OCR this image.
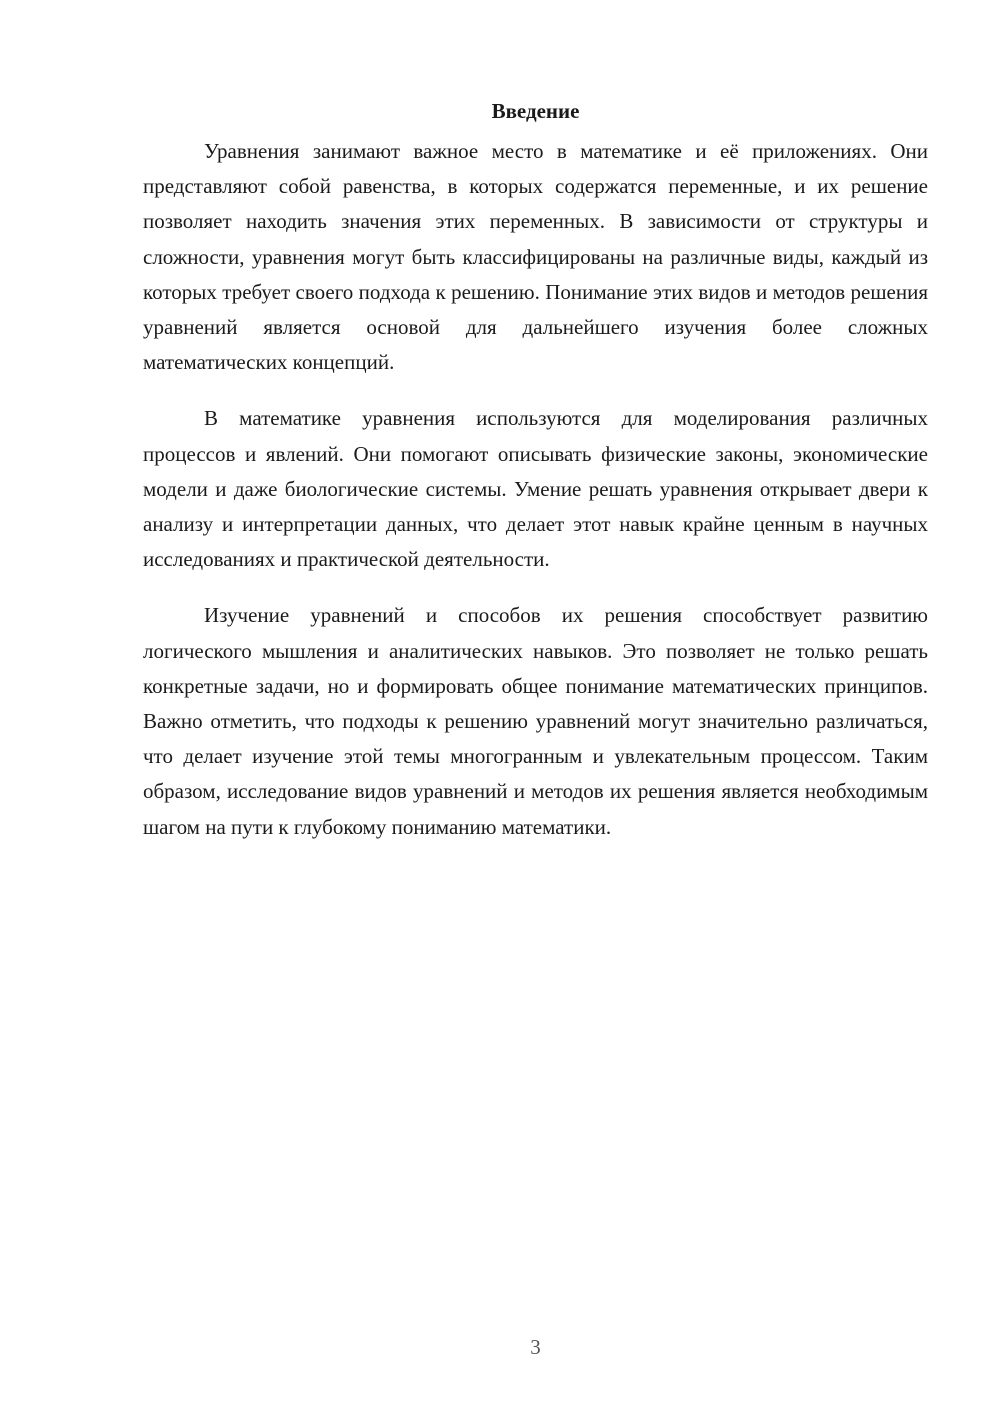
Введение

Уравнения занимают важное место в математике и её приложениях. Они представляют собой равенства, в которых содержатся переменные, и их решение позволяет находить значения этих переменных. В зависимости от структуры и сложности, уравнения могут быть классифицированы на различные виды, каждый из которых требует своего подхода к решению. Понимание этих видов и методов решения уравнений является основой для дальнейшего изучения более сложных математических концепций.

В математике уравнения используются для моделирования различных процессов и явлений. Они помогают описывать физические законы, экономические модели и даже биологические системы. Умение решать уравнения открывает двери к анализу и интерпретации данных, что делает этот навык крайне ценным в научных исследованиях и практической деятельности.

Изучение уравнений и способов их решения способствует развитию логического мышления и аналитических навыков. Это позволяет не только решать конкретные задачи, но и формировать общее понимание математических принципов. Важно отметить, что подходы к решению уравнений могут значительно различаться, что делает изучение этой темы многогранным и увлекательным процессом. Таким образом, исследование видов уравнений и методов их решения является необходимым шагом на пути к глубокому пониманию математики.

3
